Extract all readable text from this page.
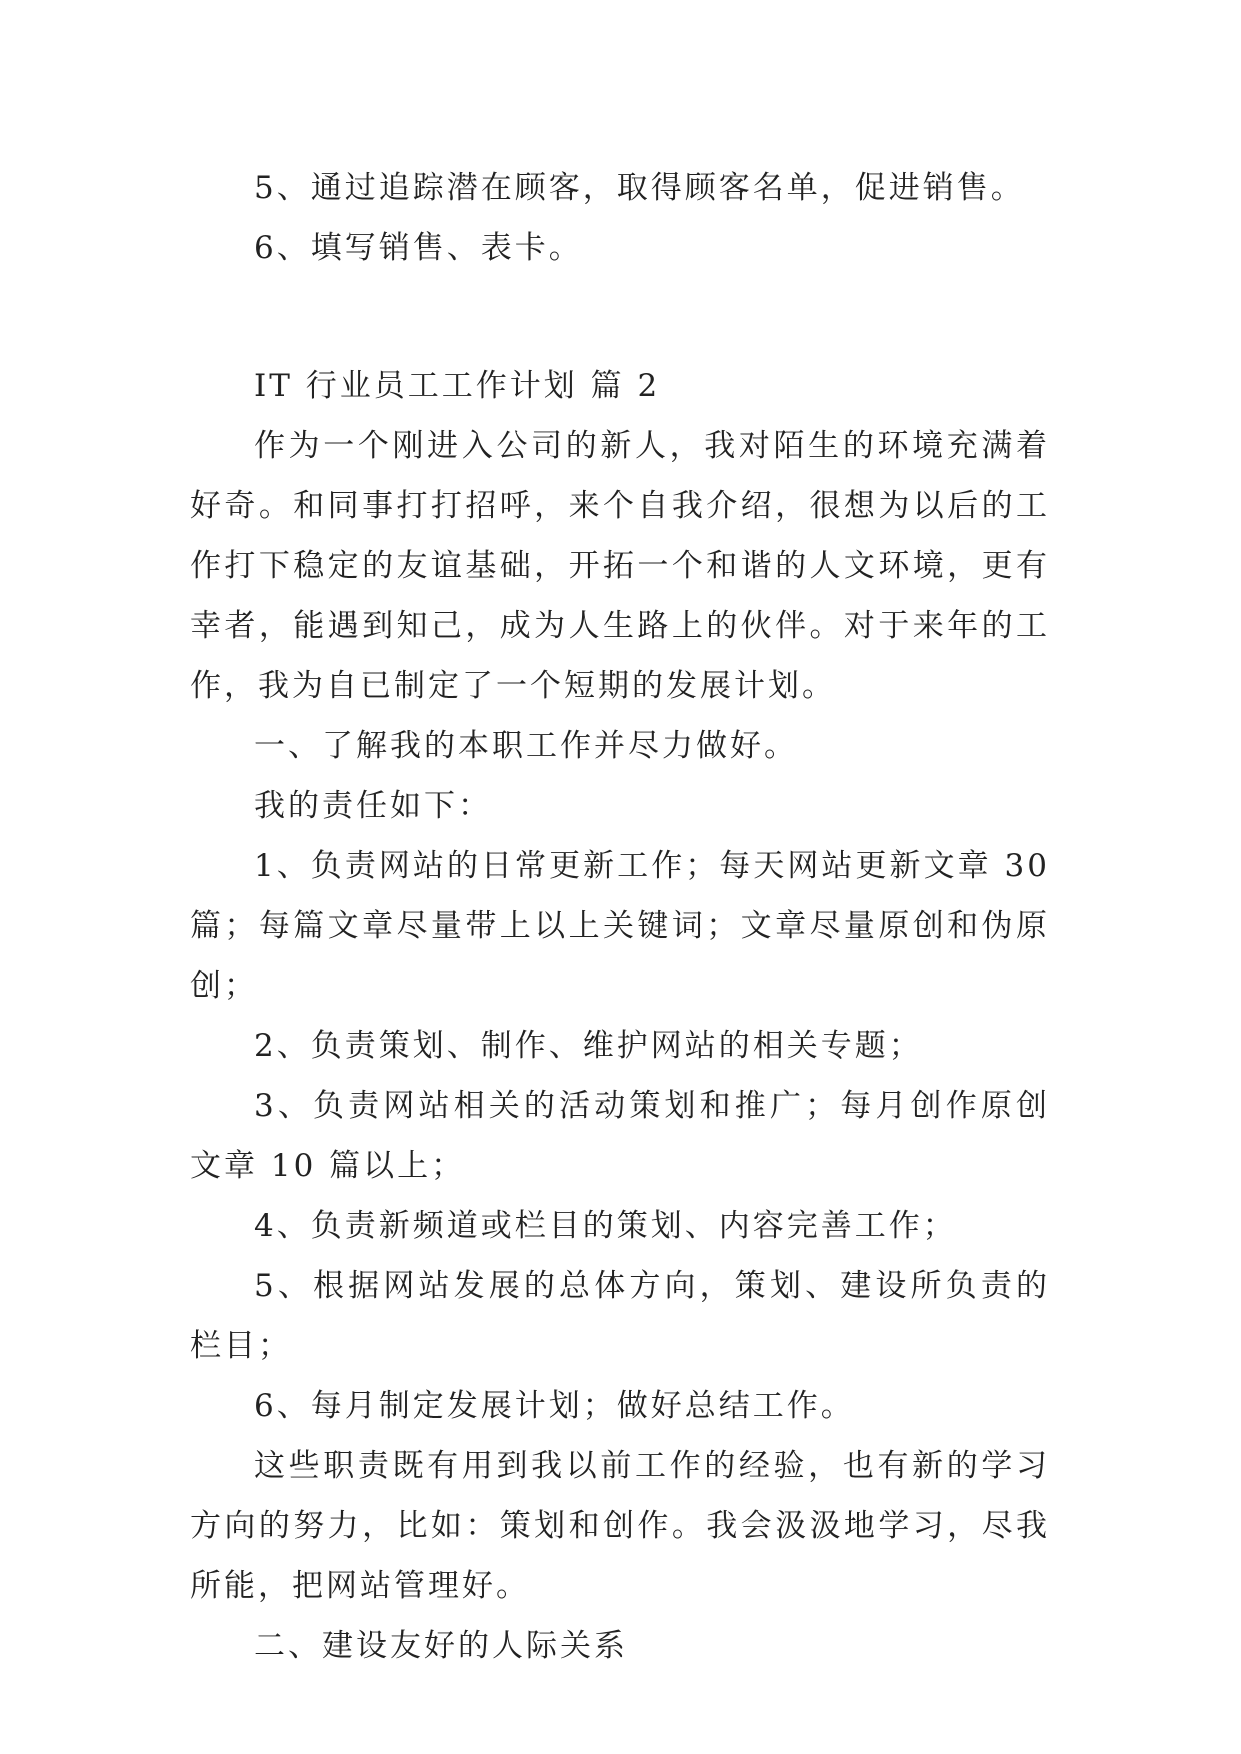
5、通过追踪潜在顾客，取得顾客名单，促进销售。

6、填写销售、表卡。

IT 行业员工工作计划 篇 2

作为一个刚进入公司的新人，我对陌生的环境充满着好奇。和同事打打招呼，来个自我介绍，很想为以后的工作打下稳定的友谊基础，开拓一个和谐的人文环境，更有幸者，能遇到知己，成为人生路上的伙伴。对于来年的工作，我为自已制定了一个短期的发展计划。

一、了解我的本职工作并尽力做好。

我的责任如下：

1、负责网站的日常更新工作；每天网站更新文章 30 篇；每篇文章尽量带上以上关键词；文章尽量原创和伪原创；

2、负责策划、制作、维护网站的相关专题；

3、负责网站相关的活动策划和推广；每月创作原创文章 10 篇以上；

4、负责新频道或栏目的策划、内容完善工作；

5、根据网站发展的总体方向，策划、建设所负责的栏目；

6、每月制定发展计划；做好总结工作。

这些职责既有用到我以前工作的经验，也有新的学习方向的努力，比如：策划和创作。我会汲汲地学习，尽我所能，把网站管理好。

二、建设友好的人际关系
